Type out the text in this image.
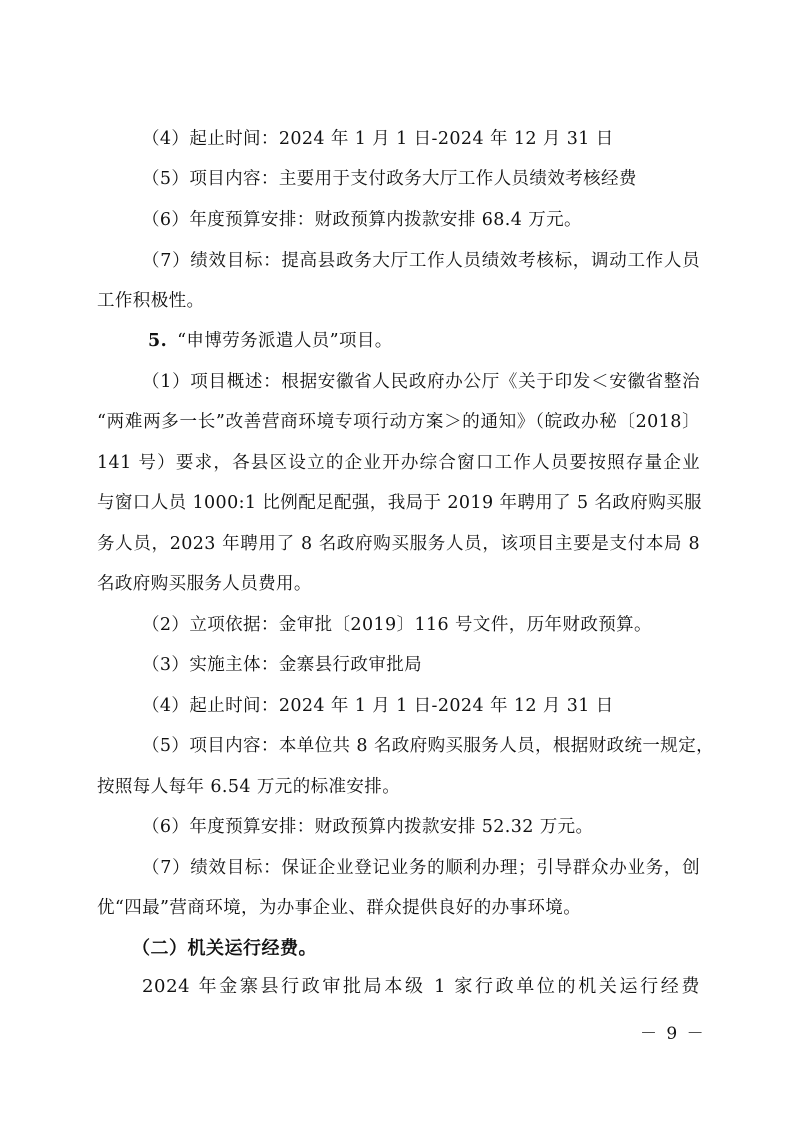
（4）起止时间：2024 年 1 月 1 日-2024 年 12 月 31 日
（5）项目内容：主要用于支付政务大厅工作人员绩效考核经费
（6）年度预算安排：财政预算内拨款安排 68.4 万元。
（7）绩效目标：提高县政务大厅工作人员绩效考核标，调动工作人员
工作积极性。
5. “申博劳务派遣人员”项目。
（1）项目概述：根据安徽省人民政府办公厅《关于印发＜安徽省整治
“两难两多一长”改善营商环境专项行动方案＞的通知》（皖政办秘〔2018〕
141 号）要求，各县区设立的企业开办综合窗口工作人员要按照存量企业
与窗口人员 1000:1 比例配足配强，我局于 2019 年聘用了 5 名政府购买服
务人员，2023 年聘用了 8 名政府购买服务人员，该项目主要是支付本局 8
名政府购买服务人员费用。
（2）立项依据：金审批〔2019〕116 号文件，历年财政预算。
（3）实施主体：金寨县行政审批局
（4）起止时间：2024 年 1 月 1 日-2024 年 12 月 31 日
（5）项目内容：本单位共 8 名政府购买服务人员，根据财政统一规定，
按照每人每年 6.54 万元的标准安排。
（6）年度预算安排：财政预算内拨款安排 52.32 万元。
（7）绩效目标：保证企业登记业务的顺利办理；引导群众办业务，创
优“四最”营商环境，为办事企业、群众提供良好的办事环境。
（二）机关运行经费。
2024 年金寨县行政审批局本级 1 家行政单位的机关运行经费
－ 9 －
